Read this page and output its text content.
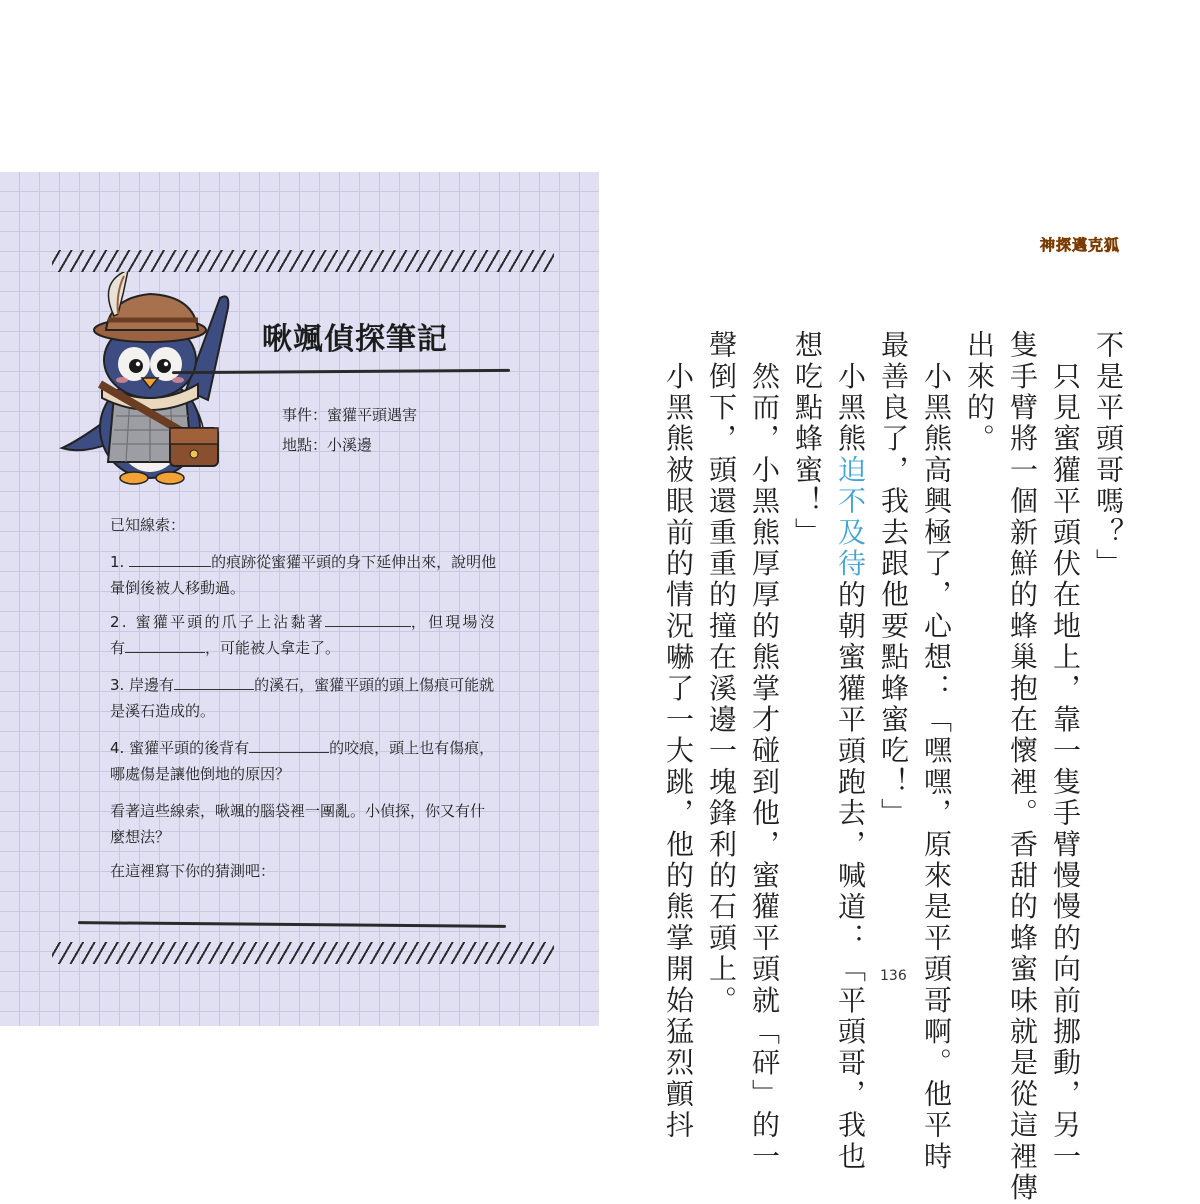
啾颯偵探筆記
事件：蜜獾平頭遇害
地點：小溪邊
已知線索：
1.	的痕跡從蜜獾平頭的身下延伸出來，說明他
暈倒後被人移動過。
2. 蜜獾平頭的爪子上沾黏著	，但現場沒
有	，可能被人拿走了。
3. 岸邊有	的溪石，蜜獾平頭的頭上傷痕可能就
是溪石造成的。
4. 蜜獾平頭的後背有	的咬痕，頭上也有傷痕，
哪處傷是讓他倒地的原因？
看著這些線索，啾颯的腦袋裡一團亂。小偵探，你又有什
麼想法？
在這裡寫下你的猜測吧：
神探邁克狐
不是平頭哥嗎？」
　只見蜜獾平頭伏在地上，靠一隻手臂慢慢的向前挪動，另一
隻手臂將一個新鮮的蜂巢抱在懷裡。香甜的蜂蜜味就是從這裡傳
出來的。
　小黑熊高興極了，心想：「嘿嘿，原來是平頭哥啊。他平時
最善良了，我去跟他要點蜂蜜吃！」
　小黑熊迫不及待的朝蜜獾平頭跑去，喊道：「平頭哥，我也
想吃點蜂蜜！」
　然而，小黑熊厚厚的熊掌才碰到他，蜜獾平頭就「砰」的一
聲倒下，頭還重重的撞在溪邊一塊鋒利的石頭上。
　小黑熊被眼前的情況嚇了一大跳，他的熊掌開始猛烈顫抖	136
